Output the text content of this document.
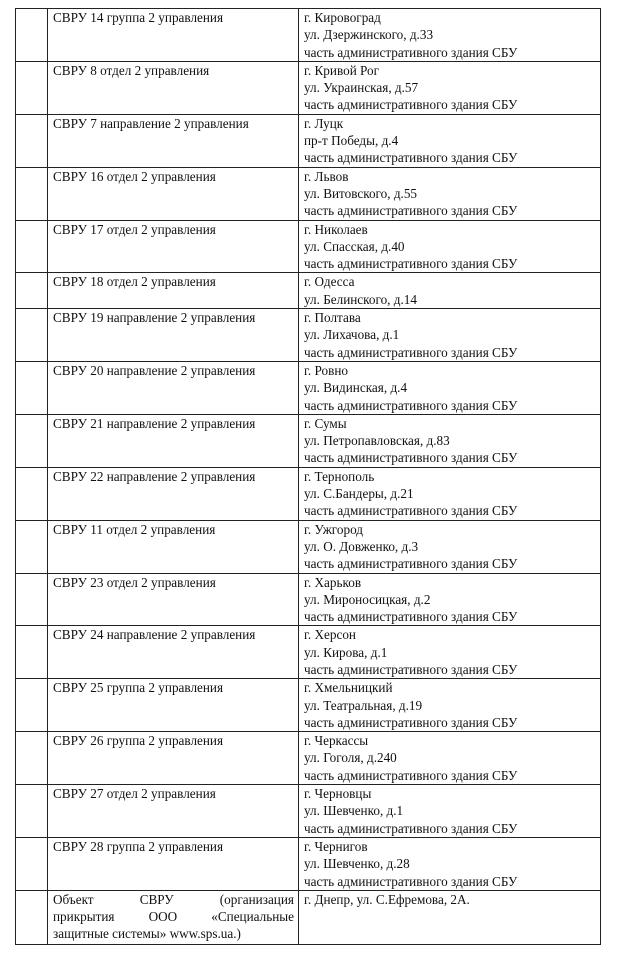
	СВРУ 14 группа 2 управления	г. Кировоград
ул. Дзержинского, д.33
часть административного здания СБУ

	СВРУ 8 отдел 2 управления	г. Кривой Рог
ул. Украинская, д.57
часть административного здания СБУ

	СВРУ 7 направление 2 управления	г. Луцк
пр-т Победы, д.4
часть административного здания СБУ

	СВРУ 16 отдел 2 управления	г. Львов
ул. Витовского, д.55
часть административного здания СБУ

	СВРУ 17 отдел 2 управления	г. Николаев
ул. Спасская, д.40
часть административного здания СБУ

	СВРУ 18 отдел 2 управления	г. Одесса
ул. Белинского, д.14

	СВРУ 19 направление 2 управления	г. Полтава
ул. Лихачова, д.1
часть административного здания СБУ

	СВРУ 20 направление 2 управления	г. Ровно
ул. Видинская, д.4
часть административного здания СБУ

	СВРУ 21 направление 2 управления	г. Сумы
ул. Петропавловская, д.83
часть административного здания СБУ

	СВРУ 22 направление 2 управления	г. Тернополь
ул. С.Бандеры, д.21
часть административного здания СБУ

	СВРУ 11 отдел 2 управления	г. Ужгород
ул. О. Довженко, д.3
часть административного здания СБУ

	СВРУ 23 отдел 2 управления	г. Харьков
ул. Мироносицкая, д.2
часть административного здания СБУ

	СВРУ 24 направление 2 управления	г. Херсон
ул. Кирова, д.1
часть административного здания СБУ

	СВРУ 25 группа 2 управления	г. Хмельницкий
ул. Театральная, д.19
часть административного здания СБУ

	СВРУ 26 группа 2 управления	г. Черкассы
ул. Гоголя, д.240
часть административного здания СБУ

	СВРУ 27 отдел 2 управления	г. Черновцы
ул. Шевченко, д.1
часть административного здания СБУ

	СВРУ 28 группа 2 управления	г. Чернигов
ул. Шевченко, д.28
часть административного здания СБУ

	Объект СВРУ (организация
прикрытия ООО «Специальные
защитные системы» www.sps.ua.)	г. Днепр, ул. С.Ефремова, 2А.
